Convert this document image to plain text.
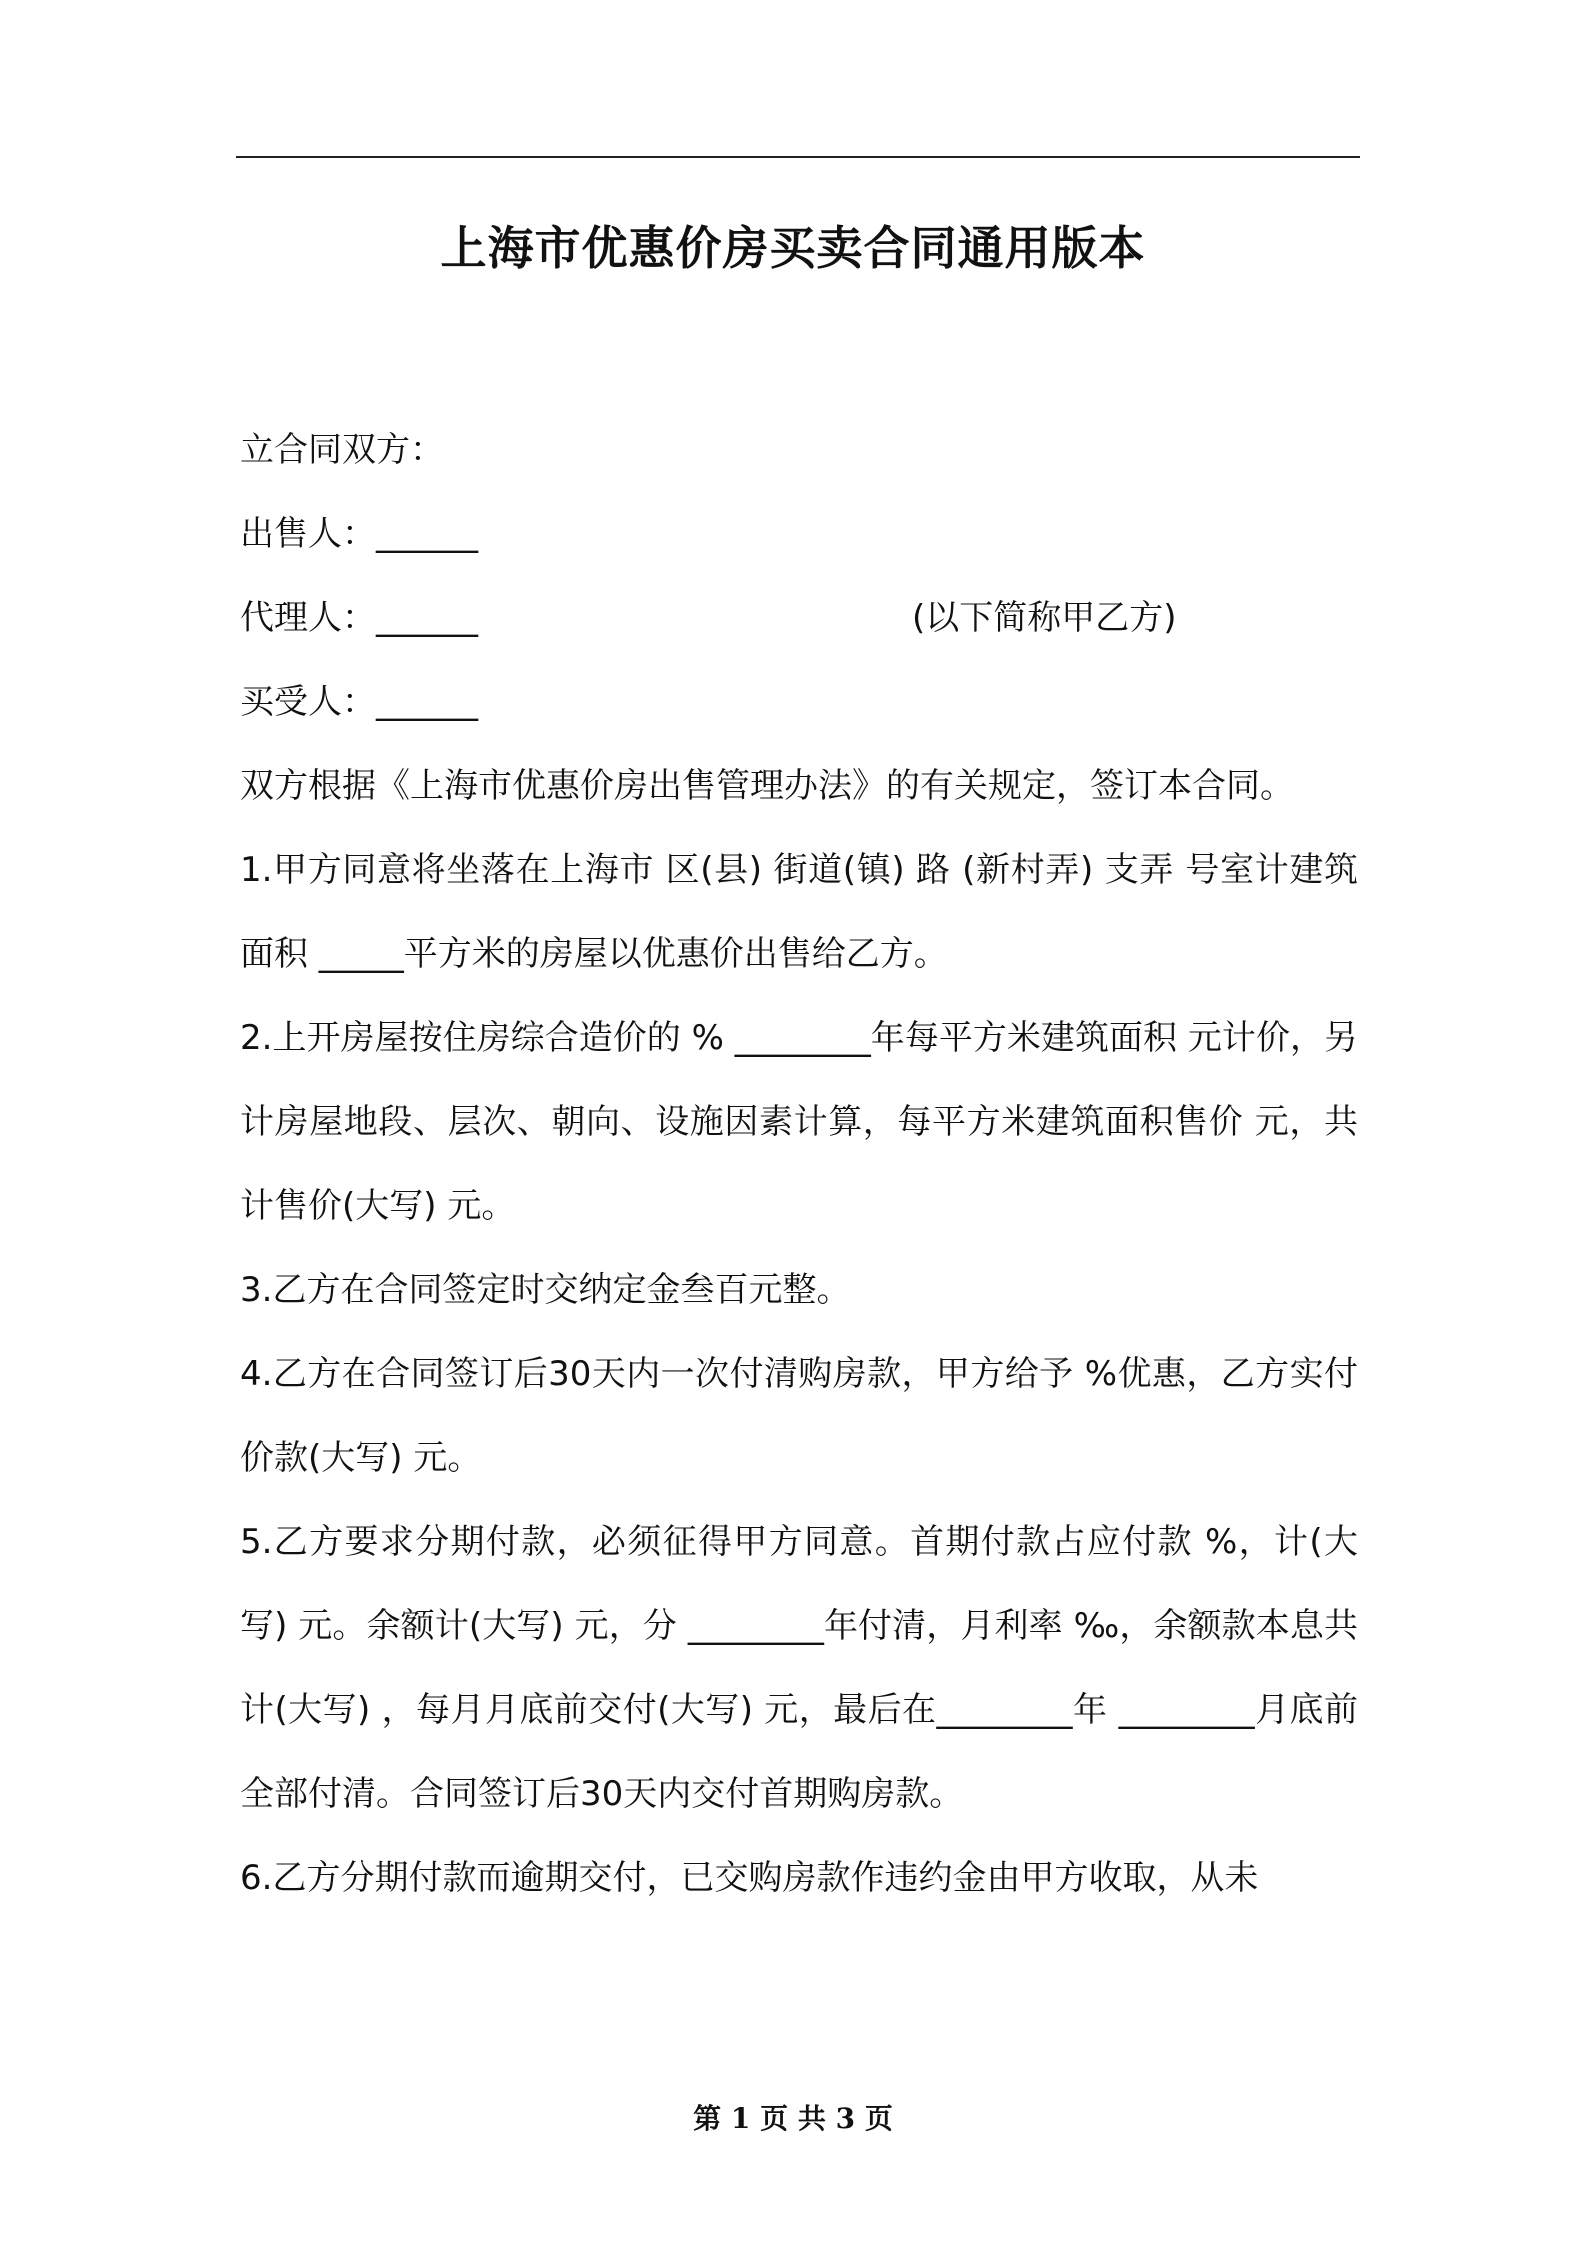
上海市优惠价房买卖合同通用版本
立合同双方：
出售人：______
代理人：______	(以下简称甲乙方)
买受人：______

双方根据《上海市优惠价房出售管理办法》的有关规定，签订本合同。

1.甲方同意将坐落在上海市 区(县) 街道(镇) 路 (新村弄) 支弄 号室计建筑面积 _____平方米的房屋以优惠价出售给乙方。

2.上开房屋按住房综合造价的 % ________年每平方米建筑面积 元计价，另计房屋地段、层次、朝向、设施因素计算，每平方米建筑面积售价 元，共计售价(大写) 元。

3.乙方在合同签定时交纳定金叁百元整。

4.乙方在合同签订后30天内一次付清购房款，甲方给予 %优惠，乙方实付价款(大写) 元。

5.乙方要求分期付款，必须征得甲方同意。首期付款占应付款 %，计(大写) 元。余额计(大写) 元，分 ________年付清，月利率 ‰，余额款本息共计(大写) ，每月月底前交付(大写) 元，最后在________年 ________月底前全部付清。合同签订后30天内交付首期购房款。

6.乙方分期付款而逾期交付，已交购房款作违约金由甲方收取，从未

第 1 页 共 3 页
